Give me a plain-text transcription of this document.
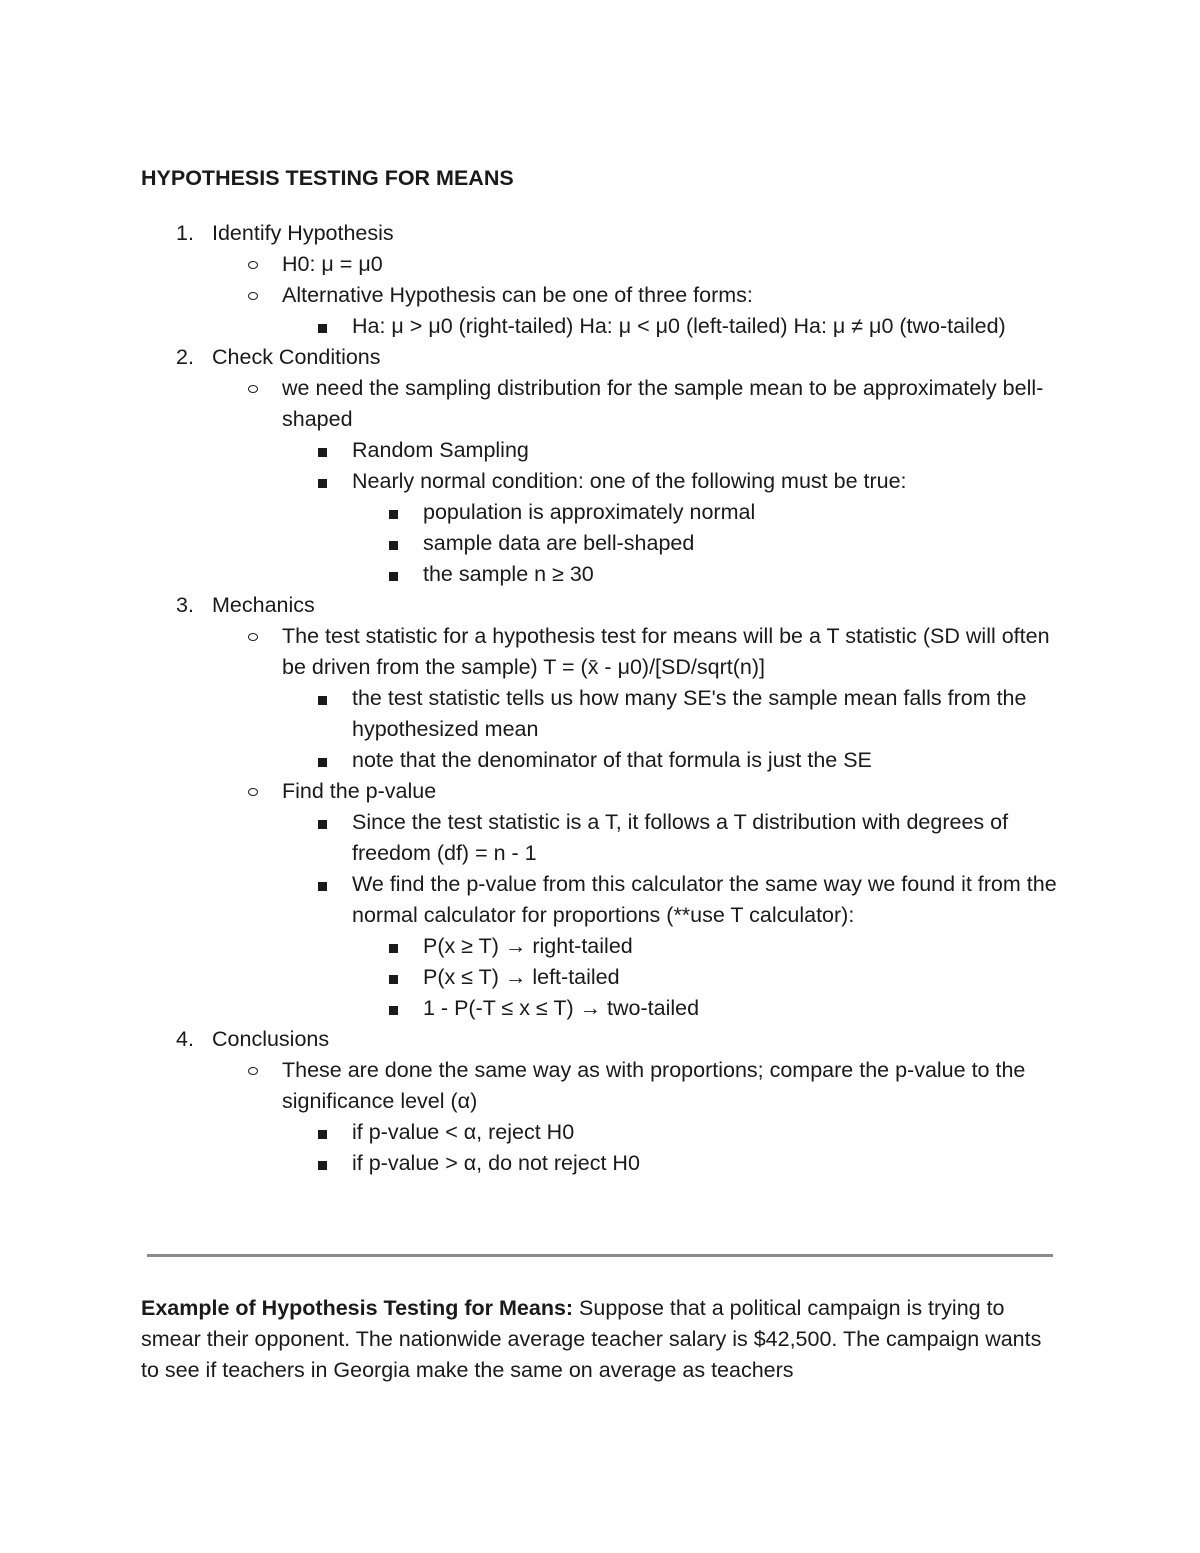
HYPOTHESIS TESTING FOR MEANS
1. Identify Hypothesis
H0: μ = μ0
Alternative Hypothesis can be one of three forms:
Ha: μ > μ0 (right-tailed) Ha: μ < μ0 (left-tailed) Ha: μ ≠ μ0 (two-tailed)
2. Check Conditions
we need the sampling distribution for the sample mean to be approximately bell-shaped
Random Sampling
Nearly normal condition: one of the following must be true:
population is approximately normal
sample data are bell-shaped
the sample n ≥ 30
3. Mechanics
The test statistic for a hypothesis test for means will be a T statistic (SD will often be driven from the sample) T = (x̄ - μ0)/[SD/sqrt(n)]
the test statistic tells us how many SE's the sample mean falls from the hypothesized mean
note that the denominator of that formula is just the SE
Find the p-value
Since the test statistic is a T, it follows a T distribution with degrees of freedom (df) = n - 1
We find the p-value from this calculator the same way we found it from the normal calculator for proportions (**use T calculator):
P(x ≥ T) → right-tailed
P(x ≤ T) → left-tailed
1 - P(-T ≤ x ≤ T) → two-tailed
4. Conclusions
These are done the same way as with proportions; compare the p-value to the significance level (α)
if p-value < α, reject H0
if p-value > α, do not reject H0

Example of Hypothesis Testing for Means: Suppose that a political campaign is trying to smear their opponent. The nationwide average teacher salary is $42,500. The campaign wants to see if teachers in Georgia make the same on average as teachers
